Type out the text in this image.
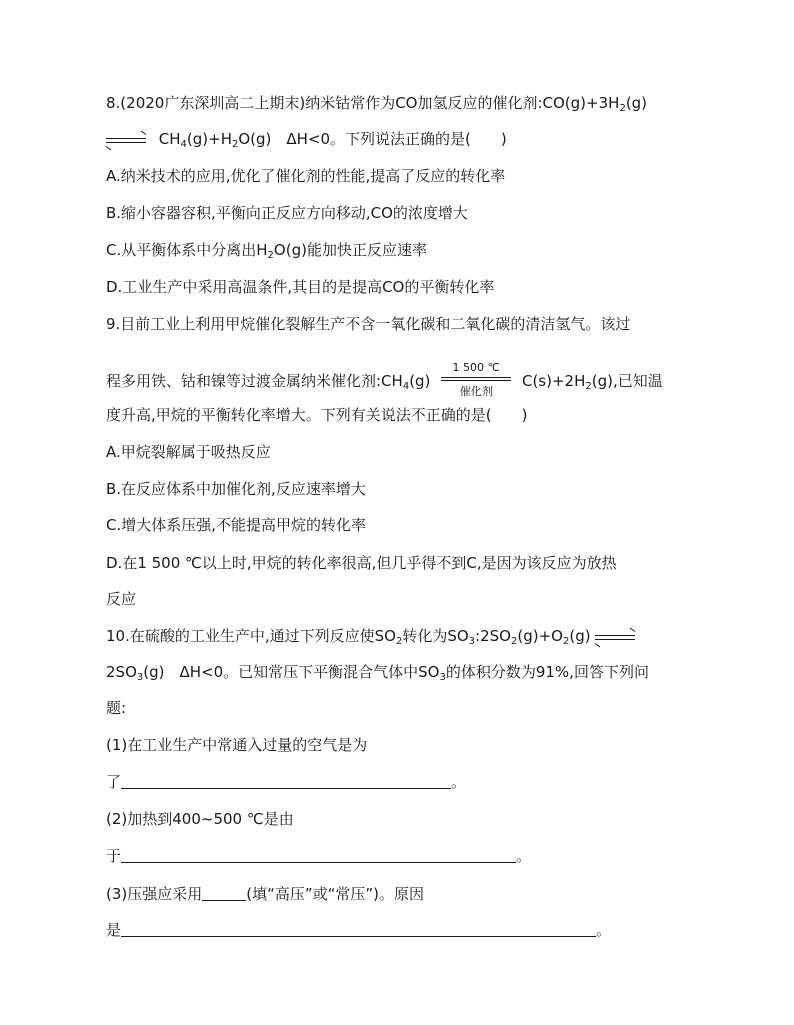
8.(2020广东深圳高二上期末)纳米钴常作为CO加氢反应的催化剂$:CO(g)+3H_2(g)$
$CH_4(g)+H_2O(g)$　ΔH<0。下列说法正确的是(　　)
A.纳米技术的应用,优化了催化剂的性能,提高了反应的转化率
B.缩小容器容积,平衡向正反应方向移动,CO的浓度增大
C.从平衡体系中分离出$H_2O(g)$能加快正反应速率
D.工业生产中采用高温条件,其目的是提高CO的平衡转化率
9.目前工业上利用甲烷催化裂解生产不含一氧化碳和二氧化碳的清洁氢气。该过
程多用铁、钴和镍等过渡金属纳米催化剂$:CH_4(g)$
1 500 ℃
催化剂
$C(s)+2H_2(g)$,已知温
度升高,甲烷的平衡转化率增大。下列有关说法不正确的是(　　)
A.甲烷裂解属于吸热反应
B.在反应体系中加催化剂,反应速率增大
C.增大体系压强,不能提高甲烷的转化率
D.在1 500 ℃以上时,甲烷的转化率很高,但几乎得不到C,是因为该反应为放热
反应
10.在硫酸的工业生产中,通过下列反应使$SO_2$转化为$SO_3:2SO_2(g)+O_2(g)$
$2SO_3(g)$　ΔH<0。已知常压下平衡混合气体中$SO_3$的体积分数为91%,回答下列问
题:
(1)在工业生产中常通入过量的空气是为
了	。
(2)加热到400~500 ℃是由
于	。
(3)压强应采用	(填“高压”或“常压”)。原因
是	。
